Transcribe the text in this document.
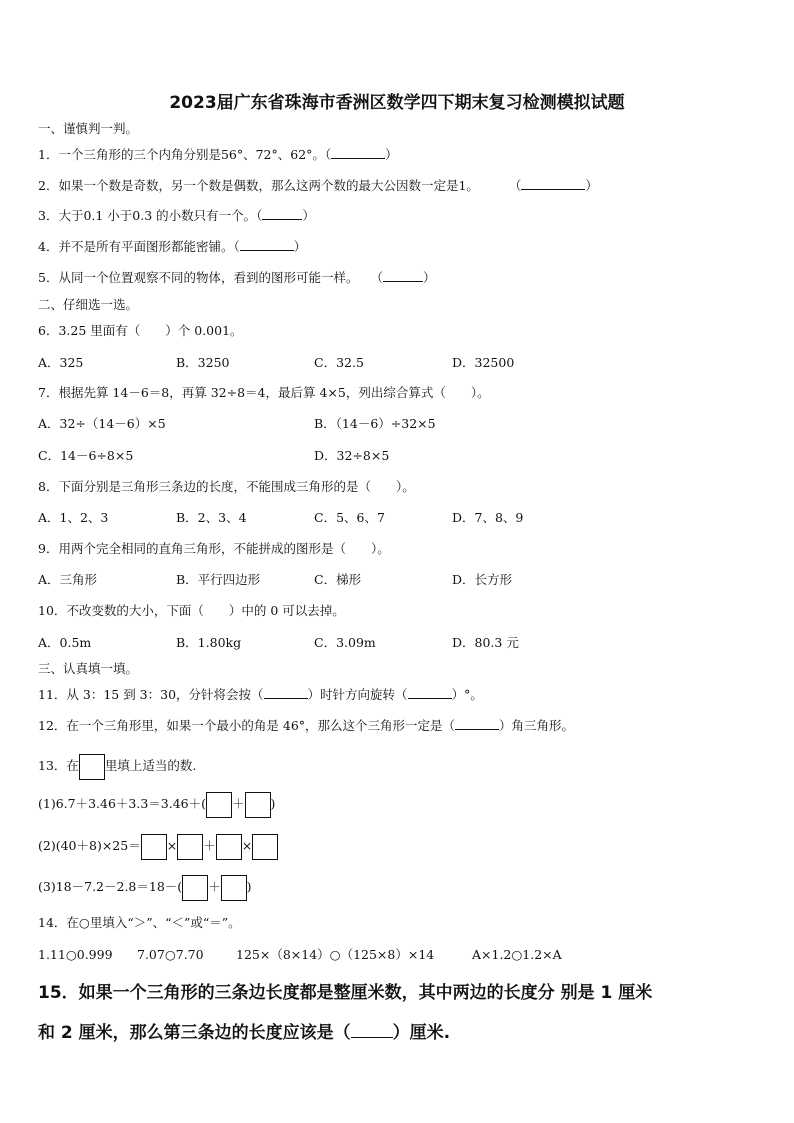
2023届广东省珠海市香洲区数学四下期末复习检测模拟试题
一、谨慎判一判。
1．一个三角形的三个内角分别是56°、72°、62°。（	）
2．如果一个数是奇数，另一个数是偶数，那么这两个数的最大公因数一定是1。 （	）
3．大于0.1 小于0.3 的小数只有一个。（	）
4．并不是所有平面图形都能密铺。（	）
5．从同一个位置观察不同的物体，看到的图形可能一样。 （	）
二、仔细选一选。
6．3.25 里面有（　　）个 0.001。
A．325	B．3250	C．32.5	D．32500
7．根据先算 14－6＝8，再算 32÷8＝4，最后算 4×5，列出综合算式（　　）。
A．32÷（14－6）×5	B．（14－6）÷32×5
C．14－6÷8×5	D．32÷8×5
8．下面分别是三角形三条边的长度，不能围成三角形的是（　　）。
A．1、2、3	B．2、3、4	C．5、6、7	D．7、8、9
9．用两个完全相同的直角三角形，不能拼成的图形是（　　）。
A．三角形	B．平行四边形	C．梯形	D．长方形
10．不改变数的大小，下面（　　）中的 0 可以去掉。
A．0.5m	B．1.80kg	C．3.09m	D．80.3 元
三、认真填一填。
11．从 3：15 到 3：30，分针将会按（	）时针方向旋转（	）°。
12．在一个三角形里，如果一个最小的角是 46°，那么这个三角形一定是（	）角三角形。
13．在 里填上适当的数.
(1)6.7＋3.46＋3.3＝3.46＋( ＋ )
(2)(40＋8)×25＝ × ＋ ×
(3)18－7.2－2.8＝18－( ＋ )
14．在○里填入“＞”、“＜”或“＝”。
1.11○0.999 7.07○7.70	125×（8×14）○（125×8）×14	A×1.2○1.2×A
15．如果一个三角形的三条边长度都是整厘米数，其中两边的长度分 别是 1 厘米
和 2 厘米，那么第三条边的长度应该是（ ）厘米.
